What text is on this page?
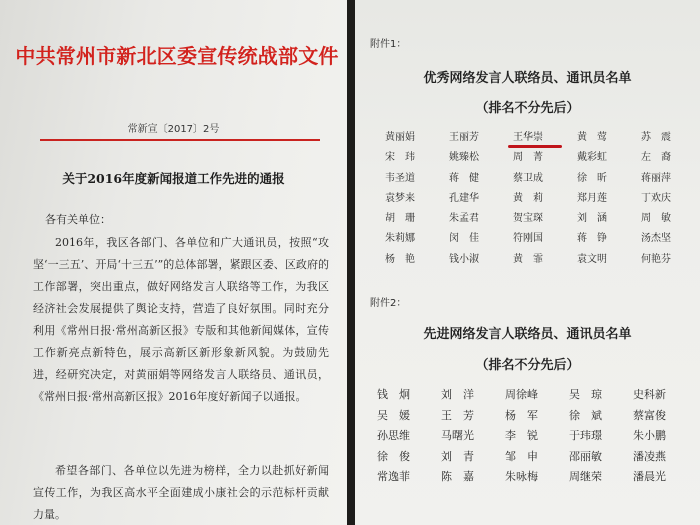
中共常州市新北区委宣传统战部文件
常新宣〔2017〕2号
关于2016年度新闻报道工作先进的通报
各有关单位：

2016年，我区各部门、各单位和广大通讯员，按照“攻坚‘一三五’、开局‘十三五’”的总体部署，紧跟区委、区政府的工作部署，突出重点，做好网络发言人联络等工作，为我区经济社会发展提供了舆论支持，营造了良好氛围。同时充分利用《常州日报·常州高新区报》专版和其他新闻媒体，宣传工作新亮点新特色，展示高新区新形象新风貌。为鼓励先进，经研究决定，对黄丽娟等网络发言人联络员、通讯员，《常州日报·常州高新区报》2016年度好新闻子以通报。

希望各部门、各单位以先进为榜样，全力以赴抓好新闻宣传工作，为我区高水平全面建成小康社会的示范标杆贡献力量。

附件1：
优秀网络发言人联络员、通讯员名单
（排名不分先后）
黄丽娟	王丽芳	王华崇	黄　莺	苏　震
宋　玮	姚臻松	周　菁	戴彩虹	左　裔
韦圣道	蒋　健	蔡卫成	徐　昕	蒋丽萍
袁梦来	孔建华	黄　莉	郑月莲	丁欢庆
胡　珊	朱孟君	贺宝琛	刘　涵	周　敏
朱莉娜	闵　佳	符刚国	蒋　铮	汤杰坚
杨　艳	钱小淑	黄　霏	袁文明	何艳芬
附件2：
先进网络发言人联络员、通讯员名单
（排名不分先后）
钱　炯	刘　洋	周徐峰	吴　琼	史科新
吴　媛	王　芳	杨　军	徐　斌	蔡富俊
孙思维	马曙光	李　锐	于玮璟	朱小鹏
徐　俊	刘　青	邹　申	邵丽敏	潘凌燕
常逸菲	陈　嘉	朱咏梅	周继荣	潘晨光
